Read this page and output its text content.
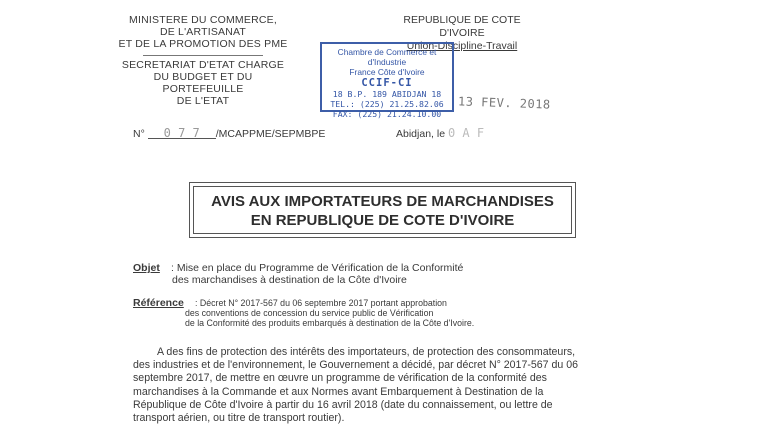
MINISTERE DU COMMERCE,
DE L'ARTISANAT
ET DE LA PROMOTION DES PME
SECRETARIAT D'ETAT CHARGE
DU BUDGET ET DU PORTEFEUILLE
DE L'ETAT
REPUBLIQUE DE COTE D'IVOIRE
Union-Discipline-Travail
Chambre de Commerce et d'Industrie
France Côte d'Ivoire
CCIF-CI
18 B.P. 189 ABIDJAN 18
TEL.: (225) 21.25.82.06
FAX: (225) 21.24.10.00
13 FEV. 2018
N° 0 7 7 /MCAPPME/SEPMBPE	Abidjan, le 0 A F
AVIS AUX IMPORTATEURS DE MARCHANDISES
EN REPUBLIQUE DE COTE D'IVOIRE
Objet : Mise en place du Programme de Vérification de la Conformité
des marchandises à destination de la Côte d'Ivoire
Référence : Décret N° 2017-567 du 06 septembre 2017 portant approbation
des conventions de concession du service public de Vérification
de la Conformité des produits embarqués à destination de la Côte d'Ivoire.
A des fins de protection des intérêts des importateurs, de protection des consommateurs,
des industries et de l'environnement, le Gouvernement a décidé, par décret N° 2017-567 du 06
septembre 2017, de mettre en œuvre un programme de vérification de la conformité des
marchandises à la Commande et aux Normes avant Embarquement à Destination de la
République de Côte d'Ivoire à partir du 16 avril 2018 (date du connaissement, ou lettre de
transport aérien, ou titre de transport routier).
